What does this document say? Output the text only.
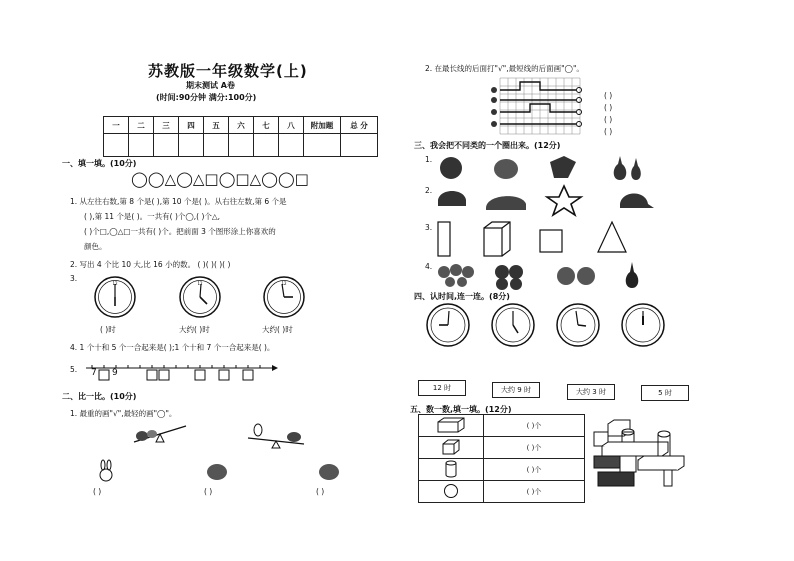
苏教版一年级数学(上)
期末测试 A卷
(时间:90分钟 满分:100分)
一	二	三	四	五	六	七	八	附加题	总 分

一、填一填。(10分)
◯◯△◯△□◯□△◯◯□
1. 从左往右数,第 8 个是( ),第 10 个是( )。从右往左数,第 6 个是
( ),第 11 个是( )。一共有( )个◯,( )个△,
( )个□,◯△□一共有( )个。把前面 3 个图形涂上你喜欢的
颜色。
2. 写出 4 个比 10 大,比 16 小的数。 ( )( )( )( )
3.
12	12	12
( )时	大约( )时	大约( )时
4. 1 个十和 5 个一合起来是( );1 个十和 7 个一合起来是( )。
5. 7 9
二、比一比。(10分)
1. 最重的画"√",最轻的画"◯"。
( )	( )	( )
2. 在最长线的后面打"√",最短线的后面画"◯"。
( )
( )
( )
( )
三、我会把不同类的一个圈出来。(12分)
1.
2.
3.
4.
四、认时间,连一连。(8分)
12 时	大约 9 时	大约 3 时	5 时
五、数一数,填一填。(12分)
	( )个
	( )个
	( )个
	( )个
